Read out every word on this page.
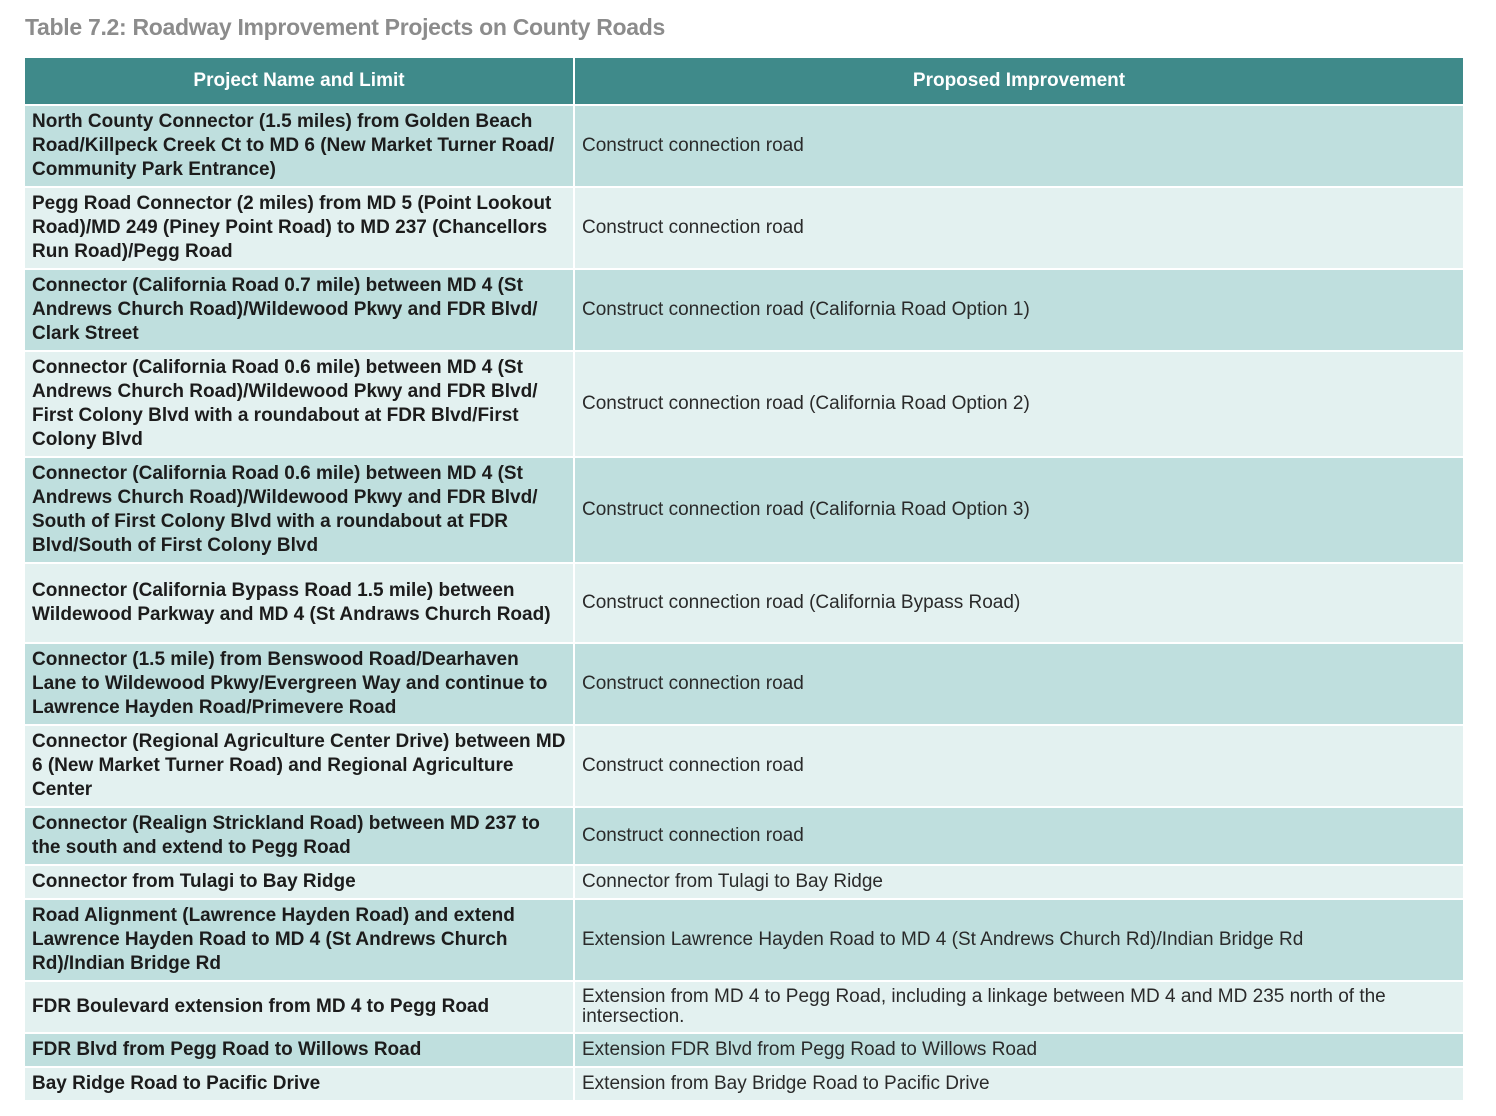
Table 7.2: Roadway Improvement Projects on County Roads
Project Name and Limit	Proposed Improvement
North County Connector (1.5 miles) from Golden Beach Road/Killpeck Creek Ct to MD 6 (New Market Turner Road/ Community Park Entrance)	Construct connection road
Pegg Road Connector (2 miles) from MD 5 (Point Lookout Road)/MD 249 (Piney Point Road) to MD 237 (Chancellors Run Road)/Pegg Road	Construct connection road
Connector (California Road 0.7 mile) between MD 4 (St Andrews Church Road)/Wildewood Pkwy and FDR Blvd/ Clark Street	Construct connection road (California Road Option 1)
Connector (California Road 0.6 mile) between MD 4 (St Andrews Church Road)/Wildewood Pkwy and FDR Blvd/ First Colony Blvd with a roundabout at FDR Blvd/First Colony Blvd	Construct connection road (California Road Option 2)
Connector (California Road 0.6 mile) between MD 4 (St Andrews Church Road)/Wildewood Pkwy and FDR Blvd/ South of First Colony Blvd with a roundabout at FDR Blvd/South of First Colony Blvd	Construct connection road (California Road Option 3)
Connector (California Bypass Road 1.5 mile) between Wildewood Parkway and MD 4 (St Andraws Church Road)	Construct connection road (California Bypass Road)
Connector (1.5 mile) from Benswood Road/Dearhaven Lane to Wildewood Pkwy/Evergreen Way and continue to Lawrence Hayden Road/Primevere Road	Construct connection road
Connector (Regional Agriculture Center Drive) between MD 6 (New Market Turner Road) and Regional Agriculture Center	Construct connection road
Connector (Realign Strickland Road) between MD 237 to the south and extend to Pegg Road	Construct connection road
Connector from Tulagi to Bay Ridge	Connector from Tulagi to Bay Ridge
Road Alignment (Lawrence Hayden Road) and extend Lawrence Hayden Road to MD 4 (St Andrews Church Rd)/Indian Bridge Rd	Extension Lawrence Hayden Road to MD 4 (St Andrews Church Rd)/Indian Bridge Rd
FDR Boulevard extension from MD 4 to Pegg Road	Extension from MD 4 to Pegg Road, including a linkage between MD 4 and MD 235 north of the intersection.
FDR Blvd from Pegg Road to Willows Road	Extension FDR Blvd from Pegg Road to Willows Road
Bay Ridge Road to Pacific Drive	Extension from Bay Bridge Road to Pacific Drive
